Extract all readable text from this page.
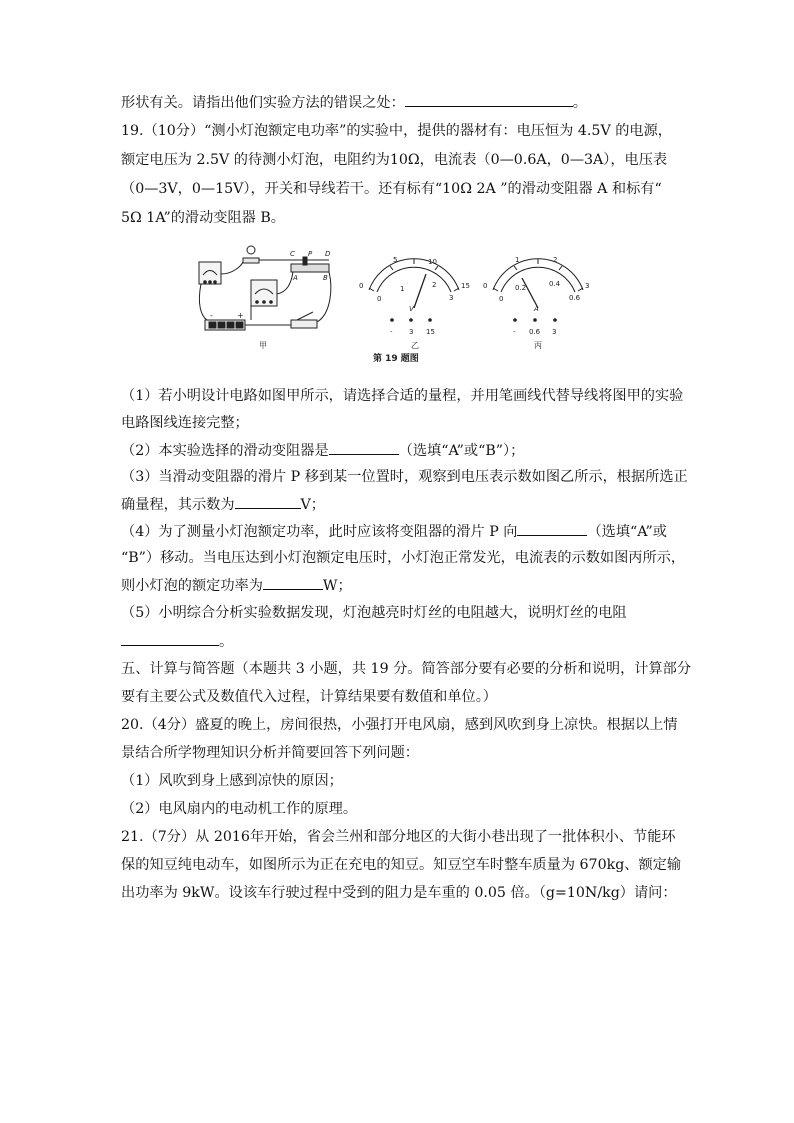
形状有关。请指出他们实验方法的错误之处：	。
19.（10分）“测小灯泡额定电功率”的实验中，提供的器材有：电压恒为 4.5V 的电源，
额定电压为 2.5V 的待测小灯泡，电阻约为10Ω，电流表（0—0.6A，0—3A），电压表
（0—3V，0—15V），开关和导线若干。还有标有“10Ω 2A ”的滑动变阻器 A 和标有“
5Ω 1A”的滑动变阻器 B。
C P D
A	B
-	+
甲
0
5	10
15
0
1	2
3
V
- 3 15
乙
0
1	2
3
0
0.2	0.4
0.6
A
- 0.6 3
丙
第 19 题图
（1）若小明设计电路如图甲所示，请选择合适的量程，并用笔画线代替导线将图甲的实验
电路图线连接完整；
（2）本实验选择的滑动变阻器是	（选填“A”或“B”）；
（3）当滑动变阻器的滑片 P 移到某一位置时，观察到电压表示数如图乙所示，根据所选正
确量程，其示数为	V；
（4）为了测量小灯泡额定功率，此时应该将变阻器的滑片 P 向	（选填“A”或
“B”）移动。当电压达到小灯泡额定电压时，小灯泡正常发光，电流表的示数如图丙所示，
则小灯泡的额定功率为	W；
（5）小明综合分析实验数据发现，灯泡越亮时灯丝的电阻越大，说明灯丝的电阻
。
五、计算与简答题（本题共 3 小题，共 19 分。简答部分要有必要的分析和说明，计算部分
要有主要公式及数值代入过程，计算结果要有数值和单位。）
20.（4分）盛夏的晚上，房间很热，小强打开电风扇，感到风吹到身上凉快。根据以上情
景结合所学物理知识分析并简要回答下列问题：
（1）风吹到身上感到凉快的原因；
（2）电风扇内的电动机工作的原理。
21.（7分）从 2016年开始，省会兰州和部分地区的大街小巷出现了一批体积小、节能环
保的知豆纯电动车，如图所示为正在充电的知豆。知豆空车时整车质量为 670kg、额定输
出功率为 9kW。设该车行驶过程中受到的阻力是车重的 0.05 倍。（g=10N/kg）请问：
